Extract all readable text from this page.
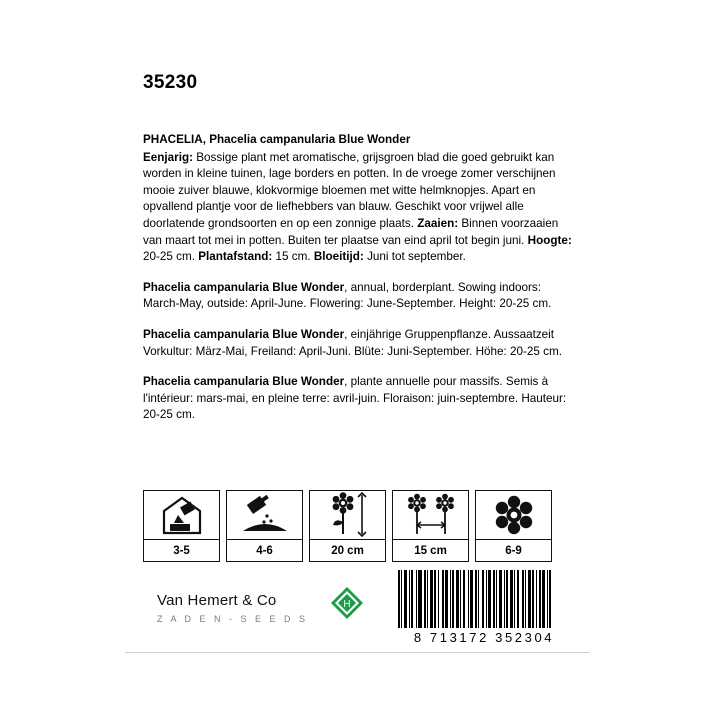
35230
PHACELIA, Phacelia campanularia Blue Wonder

Eenjarig: Bossige plant met aromatische, grijsgroen blad die goed gebruikt kan worden in kleine tuinen, lage borders en potten. In de vroege zomer verschijnen mooie zuiver blauwe, klokvormige bloemen met witte helmknopjes. Apart en opvallend plantje voor de liefhebbers van blauw. Geschikt voor vrijwel alle doorlatende grondsoorten en op een zonnige plaats. Zaaien: Binnen voorzaaien van maart tot mei in potten. Buiten ter plaatse van eind april tot begin juni. Hoogte: 20-25 cm. Plantafstand: 15 cm. Bloeitijd: Juni tot september.

Phacelia campanularia Blue Wonder, annual, borderplant. Sowing indoors: March-May, outside: April-June. Flowering: June-September. Height: 20-25 cm.

Phacelia campanularia Blue Wonder, einjährige Gruppenpflanze. Aussaatzeit Vorkultur: März-Mai, Freiland: April-Juni. Blüte: Juni-September. Höhe: 20-25 cm.

Phacelia campanularia Blue Wonder, plante annuelle pour massifs. Semis à l'intérieur: mars-mai, en pleine terre: avril-juin. Floraison: juin-septembre. Hauteur: 20-25 cm.

3-5	4-6	20 cm	15 cm	6-9
Van Hemert & Co
Z A D E N - S E E D S
H
8 713172 352304
